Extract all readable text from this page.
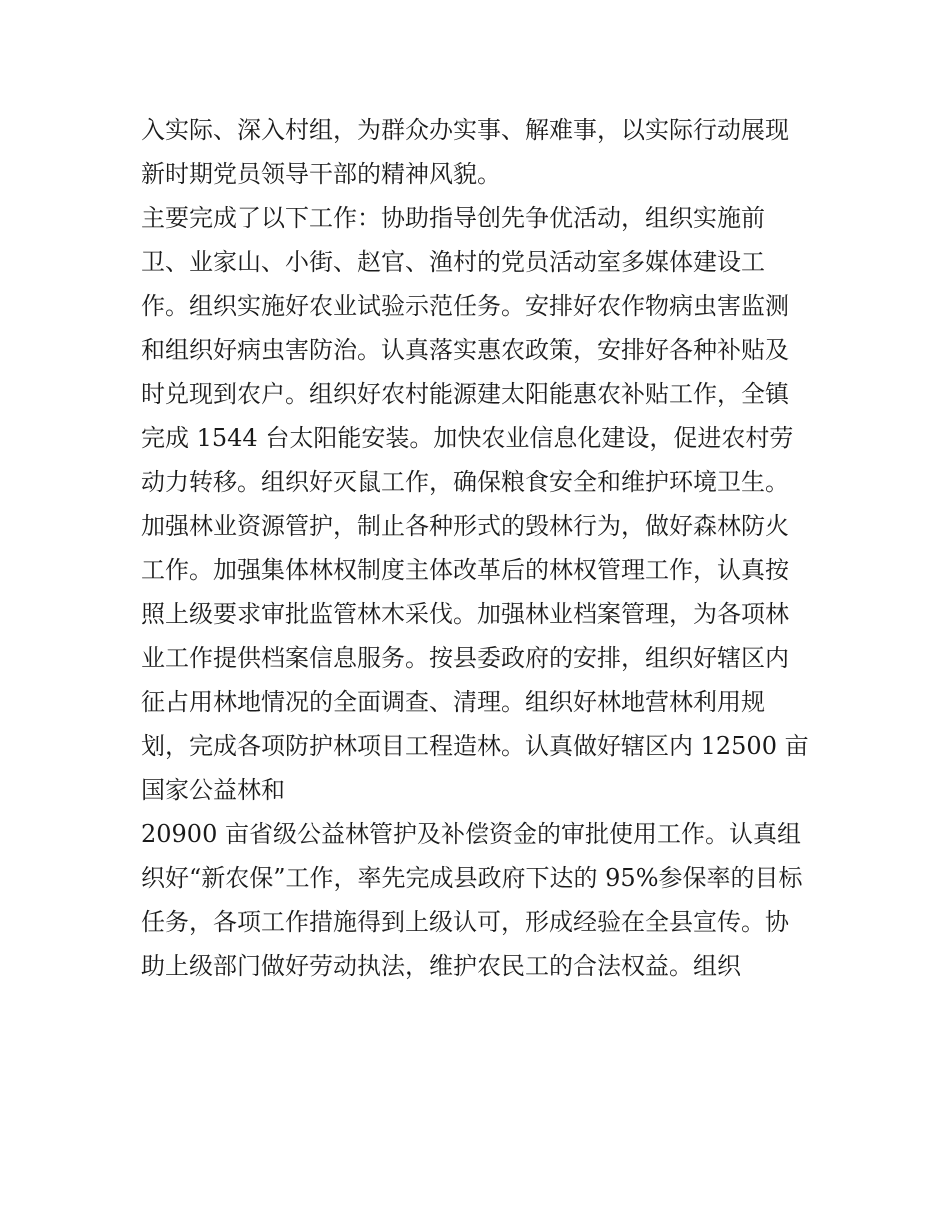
入实际、深入村组，为群众办实事、解难事，以实际行动展现
新时期党员领导干部的精神风貌。
主要完成了以下工作：协助指导创先争优活动，组织实施前
卫、业家山、小街、赵官、渔村的党员活动室多媒体建设工
作。组织实施好农业试验示范任务。安排好农作物病虫害监测
和组织好病虫害防治。认真落实惠农政策，安排好各种补贴及
时兑现到农户。组织好农村能源建太阳能惠农补贴工作，全镇
完成 1544 台太阳能安装。加快农业信息化建设，促进农村劳
动力转移。组织好灭鼠工作，确保粮食安全和维护环境卫生。
加强林业资源管护，制止各种形式的毁林行为，做好森林防火
工作。加强集体林权制度主体改革后的林权管理工作，认真按
照上级要求审批监管林木采伐。加强林业档案管理，为各项林
业工作提供档案信息服务。按县委政府的安排，组织好辖区内
征占用林地情况的全面调查、清理。组织好林地营林利用规
划，完成各项防护林项目工程造林。认真做好辖区内 12500 亩
国家公益林和
20900 亩省级公益林管护及补偿资金的审批使用工作。认真组
织好“新农保”工作，率先完成县政府下达的 95%参保率的目标
任务，各项工作措施得到上级认可，形成经验在全县宣传。协
助上级部门做好劳动执法，维护农民工的合法权益。组织
